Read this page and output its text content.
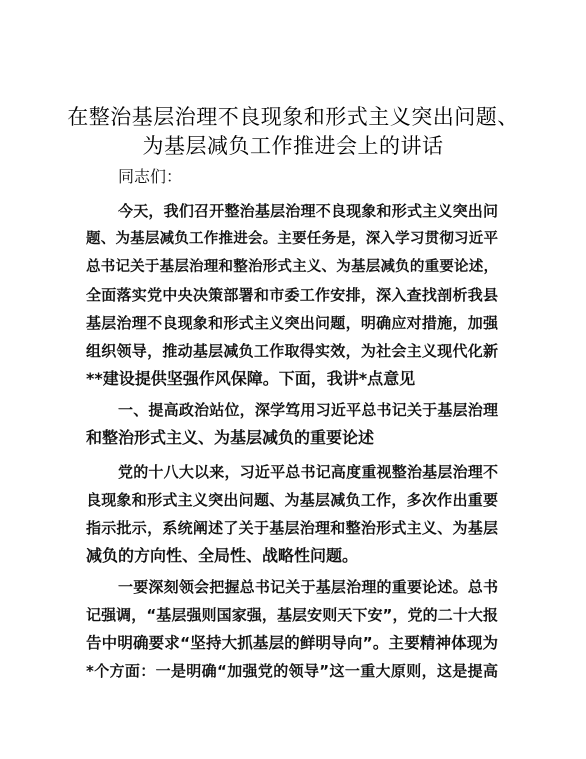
在整治基层治理不良现象和形式主义突出问题、
为基层减负工作推进会上的讲话
同志们：
今天，我们召开整治基层治理不良现象和形式主义突出问
题、为基层减负工作推进会。主要任务是，深入学习贯彻习近平
总书记关于基层治理和整治形式主义、为基层减负的重要论述，
全面落实党中央决策部署和市委工作安排，深入查找剖析我县
基层治理不良现象和形式主义突出问题，明确应对措施，加强
组织领导，推动基层减负工作取得实效，为社会主义现代化新
**建设提供坚强作风保障。下面，我讲*点意见
一、提高政治站位，深学笃用习近平总书记关于基层治理
和整治形式主义、为基层减负的重要论述
党的十八大以来，习近平总书记高度重视整治基层治理不
良现象和形式主义突出问题、为基层减负工作，多次作出重要
指示批示，系统阐述了关于基层治理和整治形式主义、为基层
减负的方向性、全局性、战略性问题。
一要深刻领会把握总书记关于基层治理的重要论述。总书
记强调，“基层强则国家强，基层安则天下安”，党的二十大报
告中明确要求“坚持大抓基层的鲜明导向”。主要精神体现为
*个方面：一是明确“加强党的领导”这一重大原则，这是提高
